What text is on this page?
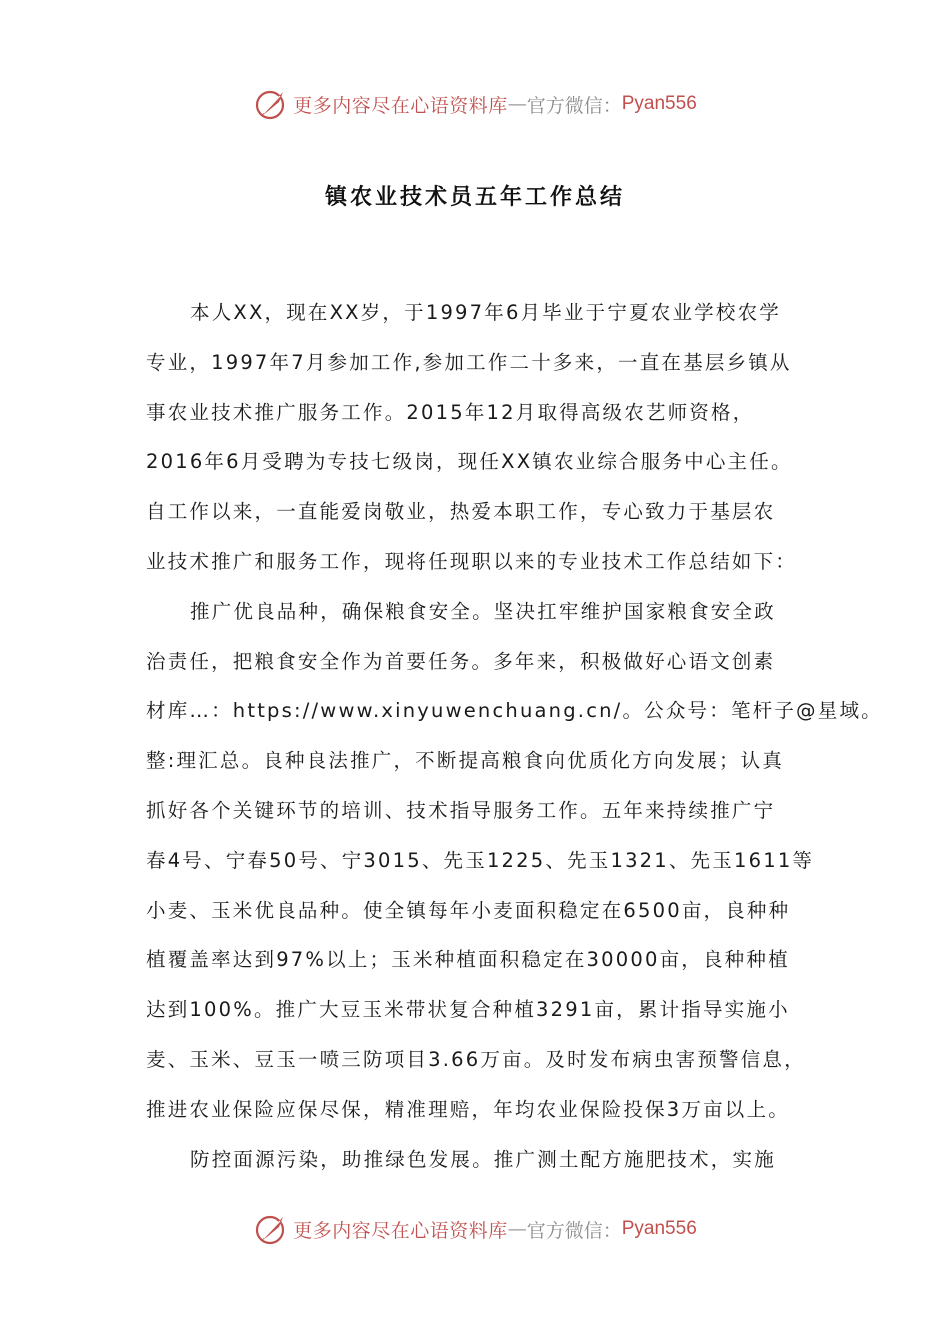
更多内容尽在心语资料库 — 官方微信： Pyan556
镇农业技术员五年工作总结
本人XX，现在XX岁，于1997年6月毕业于宁夏农业学校农学
专业，1997年7月参加工作,参加工作二十多来，一直在基层乡镇从
事农业技术推广服务工作。2015年12月取得高级农艺师资格，
2016年6月受聘为专技七级岗，现任XX镇农业综合服务中心主任。
自工作以来，一直能爱岗敬业，热爱本职工作，专心致力于基层农
业技术推广和服务工作，现将任现职以来的专业技术工作总结如下：
推广优良品种，确保粮食安全。坚决扛牢维护国家粮食安全政
治责任，把粮食安全作为首要任务。多年来，积极做好心语文创素
材库…：https://www.xinyuwenchuang.cn/。公众号：笔杆子@星域。
整:理汇总。良种良法推广，不断提高粮食向优质化方向发展；认真
抓好各个关键环节的培训、技术指导服务工作。五年来持续推广宁
春4号、宁春50号、宁3015、先玉1225、先玉1321、先玉1611等
小麦、玉米优良品种。使全镇每年小麦面积稳定在6500亩，良种种
植覆盖率达到97%以上；玉米种植面积稳定在30000亩，良种种植
达到100%。推广大豆玉米带状复合种植3291亩，累计指导实施小
麦、玉米、豆玉一喷三防项目3.66万亩。及时发布病虫害预警信息，
推进农业保险应保尽保，精准理赔，年均农业保险投保3万亩以上。
防控面源污染，助推绿色发展。推广测土配方施肥技术，实施
更多内容尽在心语资料库 — 官方微信： Pyan556
